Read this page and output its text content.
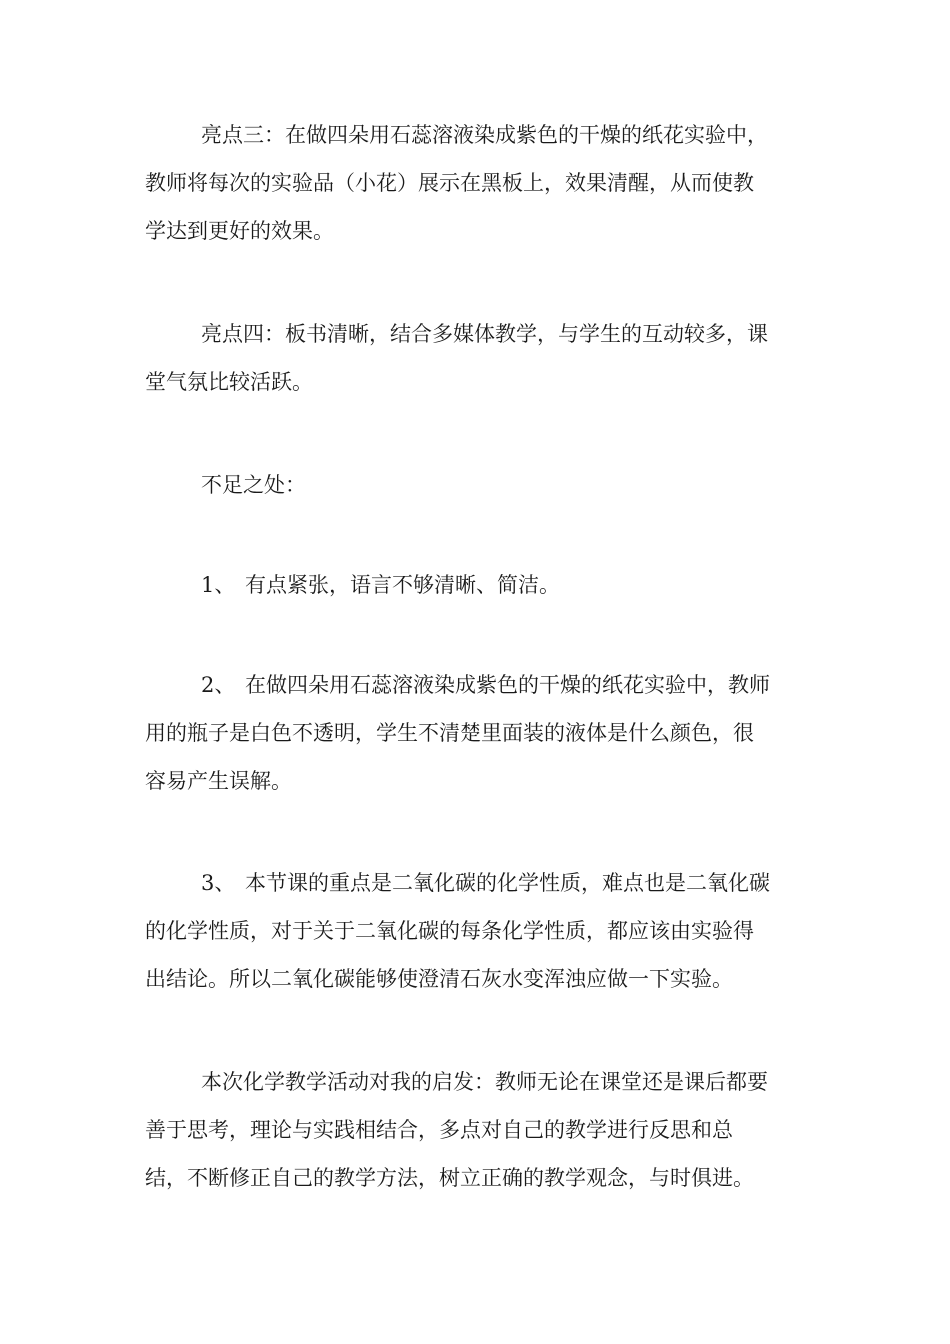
亮点三：在做四朵用石蕊溶液染成紫色的干燥的纸花实验中，
教师将每次的实验品（小花）展示在黑板上，效果清醒，从而使教
学达到更好的效果。
亮点四：板书清晰，结合多媒体教学，与学生的互动较多，课
堂气氛比较活跃。
不足之处：
1、 有点紧张，语言不够清晰、简洁。
2、 在做四朵用石蕊溶液染成紫色的干燥的纸花实验中，教师
用的瓶子是白色不透明，学生不清楚里面装的液体是什么颜色，很
容易产生误解。
3、 本节课的重点是二氧化碳的化学性质，难点也是二氧化碳
的化学性质，对于关于二氧化碳的每条化学性质，都应该由实验得
出结论。所以二氧化碳能够使澄清石灰水变浑浊应做一下实验。
本次化学教学活动对我的启发：教师无论在课堂还是课后都要
善于思考，理论与实践相结合，多点对自己的教学进行反思和总
结，不断修正自己的教学方法，树立正确的教学观念，与时俱进。
